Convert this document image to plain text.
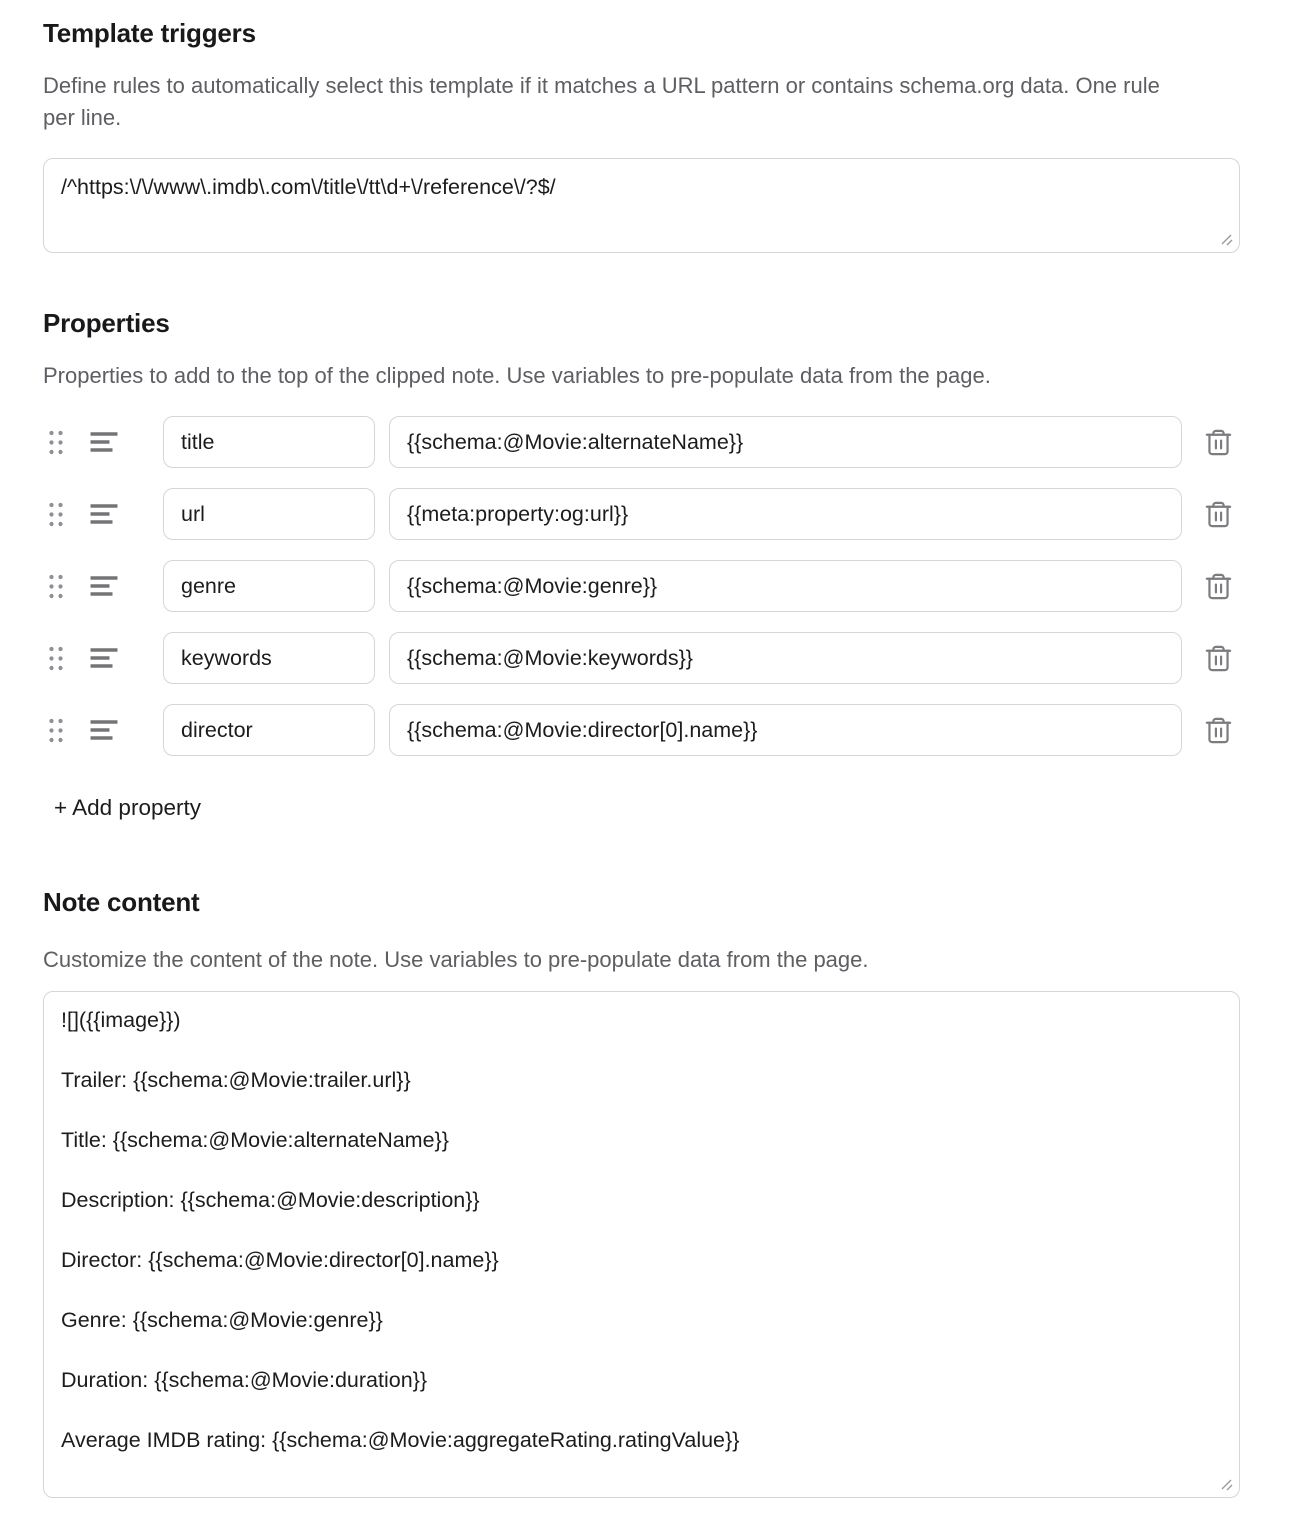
Template triggers

Define rules to automatically select this template if it matches a URL pattern or contains schema.org data. One rule per line.

/^https:\/\/www\.imdb\.com\/title\/tt\d+\/reference\/?$/
Properties

Properties to add to the top of the clipped note. Use variables to pre-populate data from the page.

title
{{schema:@Movie:alternateName}}
url
{{meta:property:og:url}}
genre
{{schema:@Movie:genre}}
keywords
{{schema:@Movie:keywords}}
director
{{schema:@Movie:director[0].name}}
+ Add property
Note content

Customize the content of the note. Use variables to pre-populate data from the page.

![]({{image}}) Trailer: {{schema:@Movie:trailer.url}} Title: {{schema:@Movie:alternateName}} Description: {{schema:@Movie:description}} Director: {{schema:@Movie:director[0].name}} Genre: {{schema:@Movie:genre}} Duration: {{schema:@Movie:duration}} Average IMDB rating: {{schema:@Movie:aggregateRating.ratingValue}}
